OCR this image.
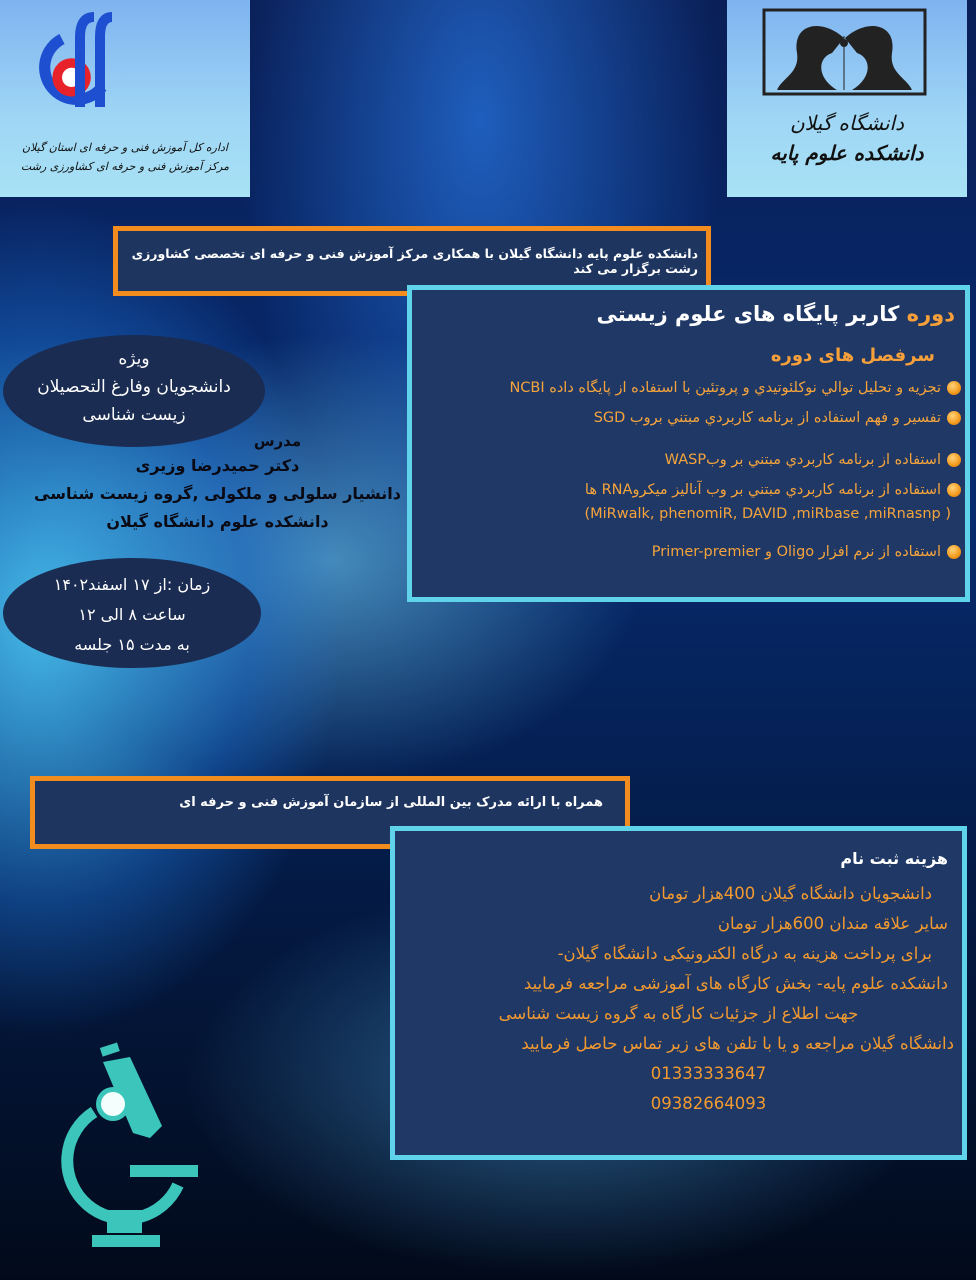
اداره کل آموزش فنی و حرفه ای استان گیلان
مرکز آموزش فنی و حرفه ای کشاورزی رشت
دانشگاه گیلان
دانشکده علوم پایه
دانشکده علوم پایه دانشگاه گیلان با همکاری مرکز آموزش فنی و حرفه ای تخصصی کشاورزی رشت برگزار می کند
دوره کاربر پایگاه های علوم زیستی
سرفصل های دوره
تجزیه و تحلیل توالي نوكلئوتيدي و پروتئين با استفاده از پايگاه داده NCBI
تفسير و فهم استفاده از برنامه كاربردي مبتني بروب SGD
استفاده از برنامه كاربردي مبتني بر وبWASP
استفاده از برنامه كاربردي مبتني بر وب آناليز ميكروRNA ها
( MiRwalk, phenomiR, DAVID ,miRbase ,miRnasnp)
استفاده از نرم افزار Oligo و Primer-premier
ویژه
دانشجویان وفارغ التحصیلان
زیست شناسی
مدرس
دکتر حمیدرضا وزیری
دانشیار سلولی و ملکولی ,گروه زیست شناسی
دانشکده علوم دانشگاه گیلان
زمان :از ۱۷ اسفند۱۴۰۲
ساعت ۸ الی ۱۲
به مدت ۱۵ جلسه
همراه با ارائه مدرک بین المللی از سازمان آموزش فنی و حرفه ای
هزینه ثبت نام
دانشجویان دانشگاه گیلان 400هزار تومان
سایر علاقه مندان 600هزار تومان
برای پرداخت هزینه به درگاه الکترونیکی دانشگاه گیلان-
دانشکده علوم پایه- بخش کارگاه های آموزشی مراجعه فرمایید
جهت اطلاع از جزئیات کارگاه به گروه زیست شناسی
دانشگاه گیلان مراجعه و یا با تلفن های زیر تماس حاصل فرمایید
01333333647
09382664093
